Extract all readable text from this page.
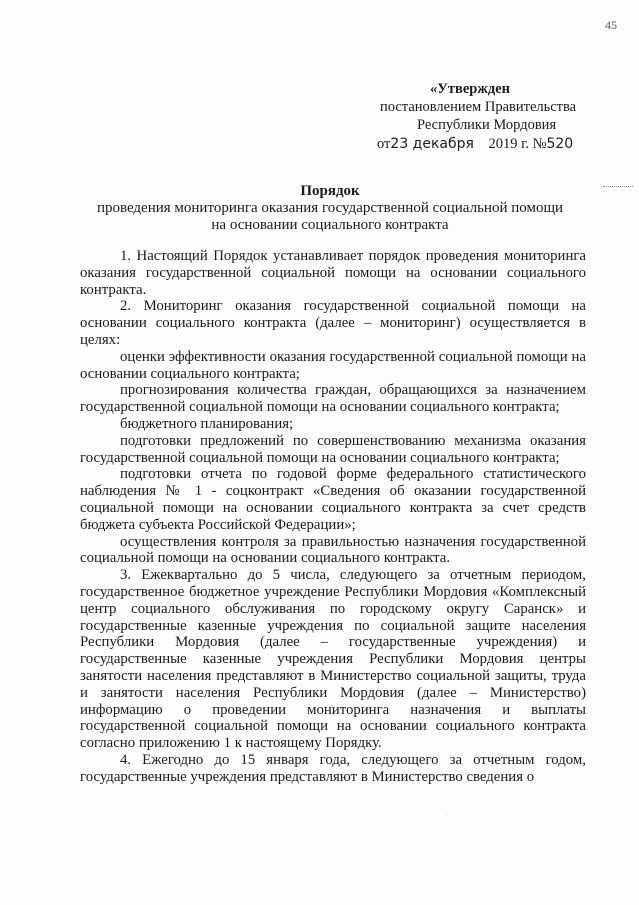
45
«Утвержден
постановлением Правительства
Республики Мордовия
от23 декабря 2019 г. №520
Порядок
проведения мониторинга оказания государственной социальной помощи
на основании социального контракта

1. Настоящий Порядок устанавливает порядок проведения мониторинга оказания государственной социальной помощи на основании социального контракта.

2. Мониторинг оказания государственной социальной помощи на основании социального контракта (далее – мониторинг) осуществляется в целях:

оценки эффективности оказания государственной социальной помощи на основании социального контракта;

прогнозирования количества граждан, обращающихся за назначением государственной социальной помощи на основании социального контракта;

бюджетного планирования;

подготовки предложений по совершенствованию механизма оказания государственной социальной помощи на основании социального контракта;

подготовки отчета по годовой форме федерального статистического наблюдения № 1 - соцконтракт «Сведения об оказании государственной социальной помощи на основании социального контракта за счет средств бюджета субъекта Российской Федерации»;

осуществления контроля за правильностью назначения государственной социальной помощи на основании социального контракта.

3. Ежеквартально до 5 числа, следующего за отчетным периодом, государственное бюджетное учреждение Республики Мордовия «Комплексный центр социального обслуживания по городскому округу Саранск» и государственные казенные учреждения по социальной защите населения Республики Мордовия (далее – государственные учреждения) и государственные казенные учреждения Республики Мордовия центры занятости населения представляют в Министерство социальной защиты, труда и занятости населения Республики Мордовия (далее – Министерство) информацию о проведении мониторинга назначения и выплаты государственной социальной помощи на основании социального контракта согласно приложению 1 к настоящему Порядку.

4. Ежегодно до 15 января года, следующего за отчетным годом, государственные учреждения представляют в Министерство сведения о
